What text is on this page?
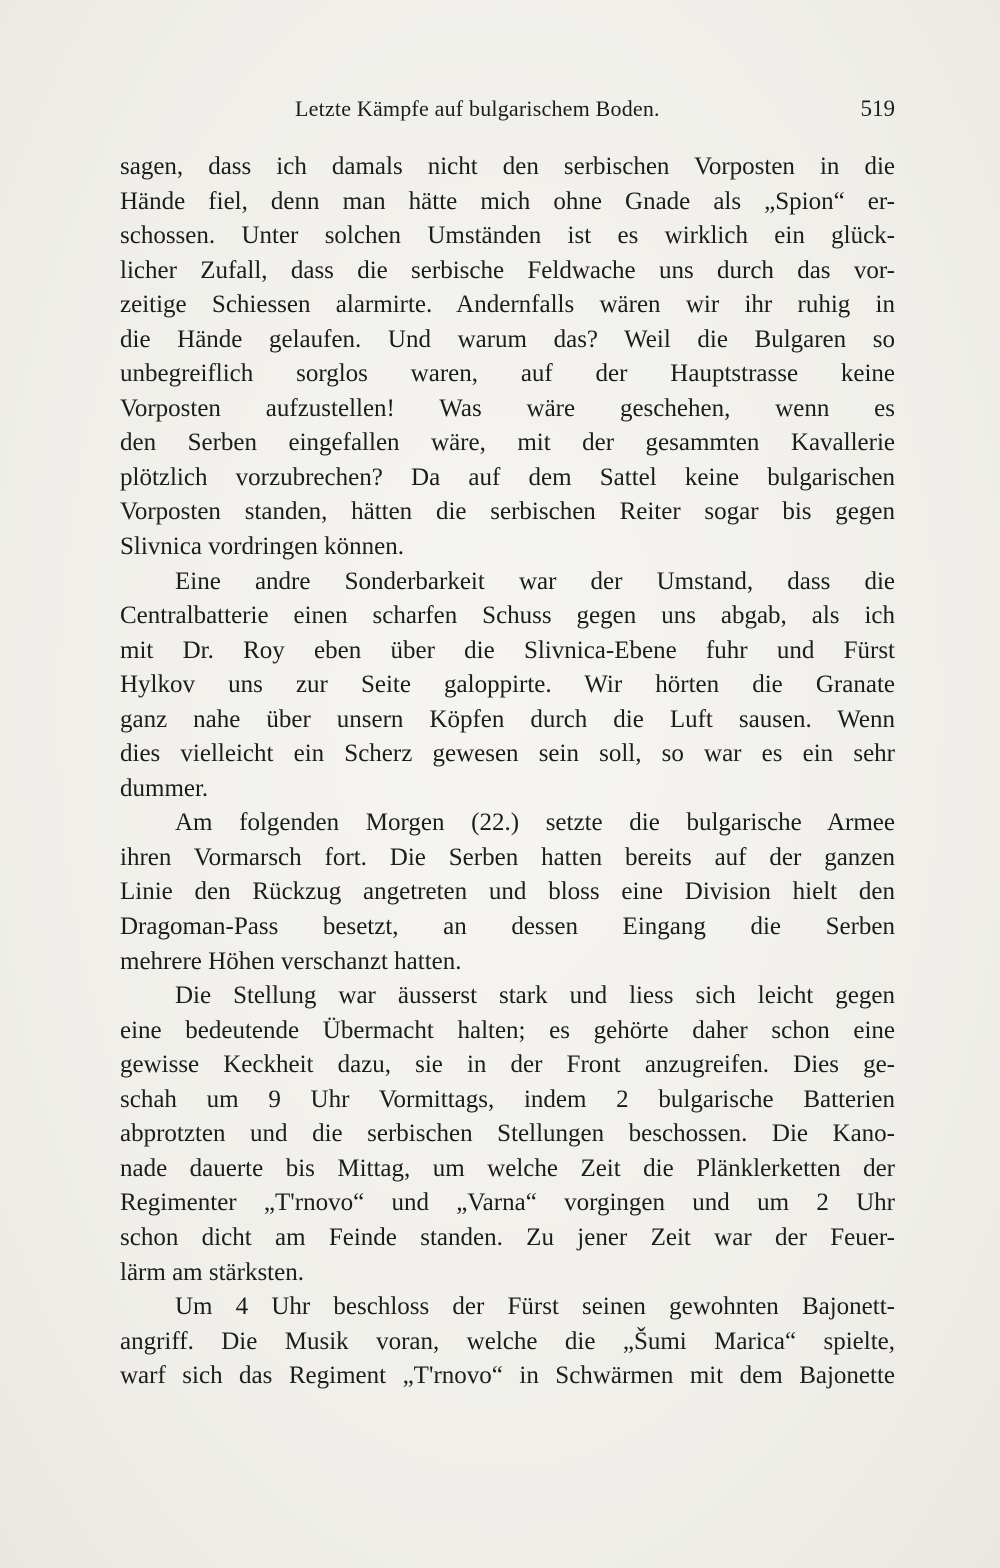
Letzte Kämpfe auf bulgarischem Boden.	519
sagen, dass ich damals nicht den serbischen Vorposten in die
Hände fiel, denn man hätte mich ohne Gnade als „Spion“ er-
schossen. Unter solchen Umständen ist es wirklich ein glück-
licher Zufall, dass die serbische Feldwache uns durch das vor-
zeitige Schiessen alarmirte. Andernfalls wären wir ihr ruhig in
die Hände gelaufen. Und warum das? Weil die Bulgaren so
unbegreiflich sorglos waren, auf der Hauptstrasse keine
Vorposten aufzustellen! Was wäre geschehen, wenn es
den Serben eingefallen wäre, mit der gesammten Kavallerie
plötzlich vorzubrechen? Da auf dem Sattel keine bulgarischen
Vorposten standen, hätten die serbischen Reiter sogar bis gegen
Slivnica vordringen können.
Eine andre Sonderbarkeit war der Umstand, dass die
Centralbatterie einen scharfen Schuss gegen uns abgab, als ich
mit Dr. Roy eben über die Slivnica-Ebene fuhr und Fürst
Hylkov uns zur Seite galoppirte. Wir hörten die Granate
ganz nahe über unsern Köpfen durch die Luft sausen. Wenn
dies vielleicht ein Scherz gewesen sein soll, so war es ein sehr
dummer.
Am folgenden Morgen (22.) setzte die bulgarische Armee
ihren Vormarsch fort. Die Serben hatten bereits auf der ganzen
Linie den Rückzug angetreten und bloss eine Division hielt den
Dragoman-Pass besetzt, an dessen Eingang die Serben
mehrere Höhen verschanzt hatten.
Die Stellung war äusserst stark und liess sich leicht gegen
eine bedeutende Übermacht halten; es gehörte daher schon eine
gewisse Keckheit dazu, sie in der Front anzugreifen. Dies ge-
schah um 9 Uhr Vormittags, indem 2 bulgarische Batterien
abprotzten und die serbischen Stellungen beschossen. Die Kano-
nade dauerte bis Mittag, um welche Zeit die Plänklerketten der
Regimenter „T'rnovo“ und „Varna“ vorgingen und um 2 Uhr
schon dicht am Feinde standen. Zu jener Zeit war der Feuer-
lärm am stärksten.
Um 4 Uhr beschloss der Fürst seinen gewohnten Bajonett-
angriff. Die Musik voran, welche die „Šumi Marica“ spielte,
warf sich das Regiment „T'rnovo“ in Schwärmen mit dem Bajonette
